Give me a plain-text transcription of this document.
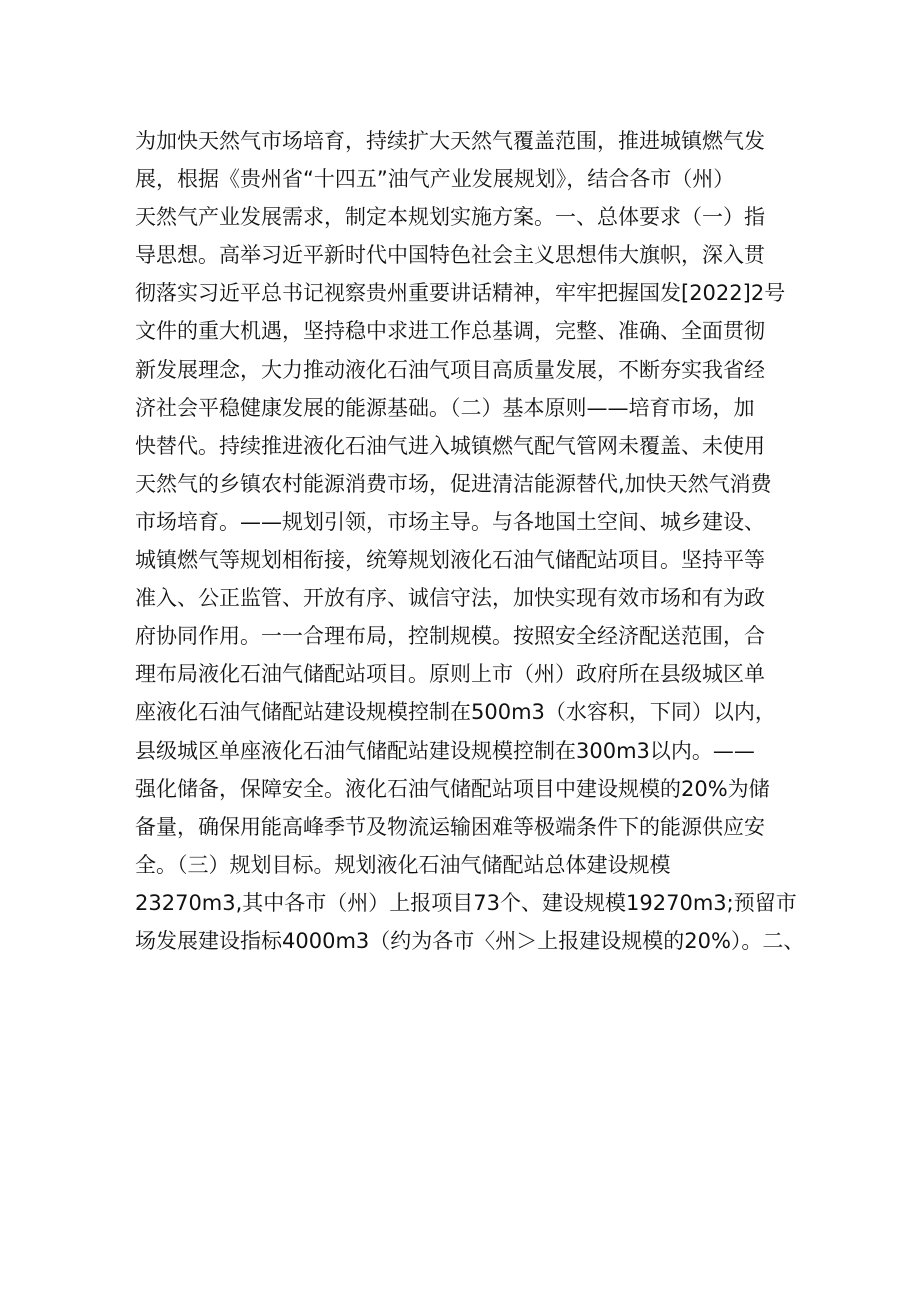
为加快天然气市场培育，持续扩大天然气覆盖范围，推进城镇燃气发
展，根据《贵州省“十四五”油气产业发展规划》，结合各市（州）
天然气产业发展需求，制定本规划实施方案。一、总体要求（一）指
导思想。高举习近平新时代中国特色社会主义思想伟大旗帜，深入贯
彻落实习近平总书记视察贵州重要讲话精神，牢牢把握国发[2022]2号
文件的重大机遇，坚持稳中求进工作总基调，完整、准确、全面贯彻
新发展理念，大力推动液化石油气项目高质量发展，不断夯实我省经
济社会平稳健康发展的能源基础。（二）基本原则——培育市场，加
快替代。持续推进液化石油气进入城镇燃气配气管网未覆盖、未使用
天然气的乡镇农村能源消费市场，促进清洁能源替代,加快天然气消费
市场培育。——规划引领，市场主导。与各地国土空间、城乡建设、
城镇燃气等规划相衔接，统筹规划液化石油气储配站项目。坚持平等
准入、公正监管、开放有序、诚信守法，加快实现有效市场和有为政
府协同作用。一一合理布局，控制规模。按照安全经济配送范围，合
理布局液化石油气储配站项目。原则上市（州）政府所在县级城区单
座液化石油气储配站建设规模控制在500m3（水容积，下同）以内，
县级城区单座液化石油气储配站建设规模控制在300m3以内。——
强化储备，保障安全。液化石油气储配站项目中建设规模的20%为储
备量，确保用能高峰季节及物流运输困难等极端条件下的能源供应安
全。（三）规划目标。规划液化石油气储配站总体建设规模
23270m3,其中各市（州）上报项目73个、建设规模19270m3;预留市
场发展建设指标4000m3（约为各市〈州＞上报建设规模的20%）。二、
